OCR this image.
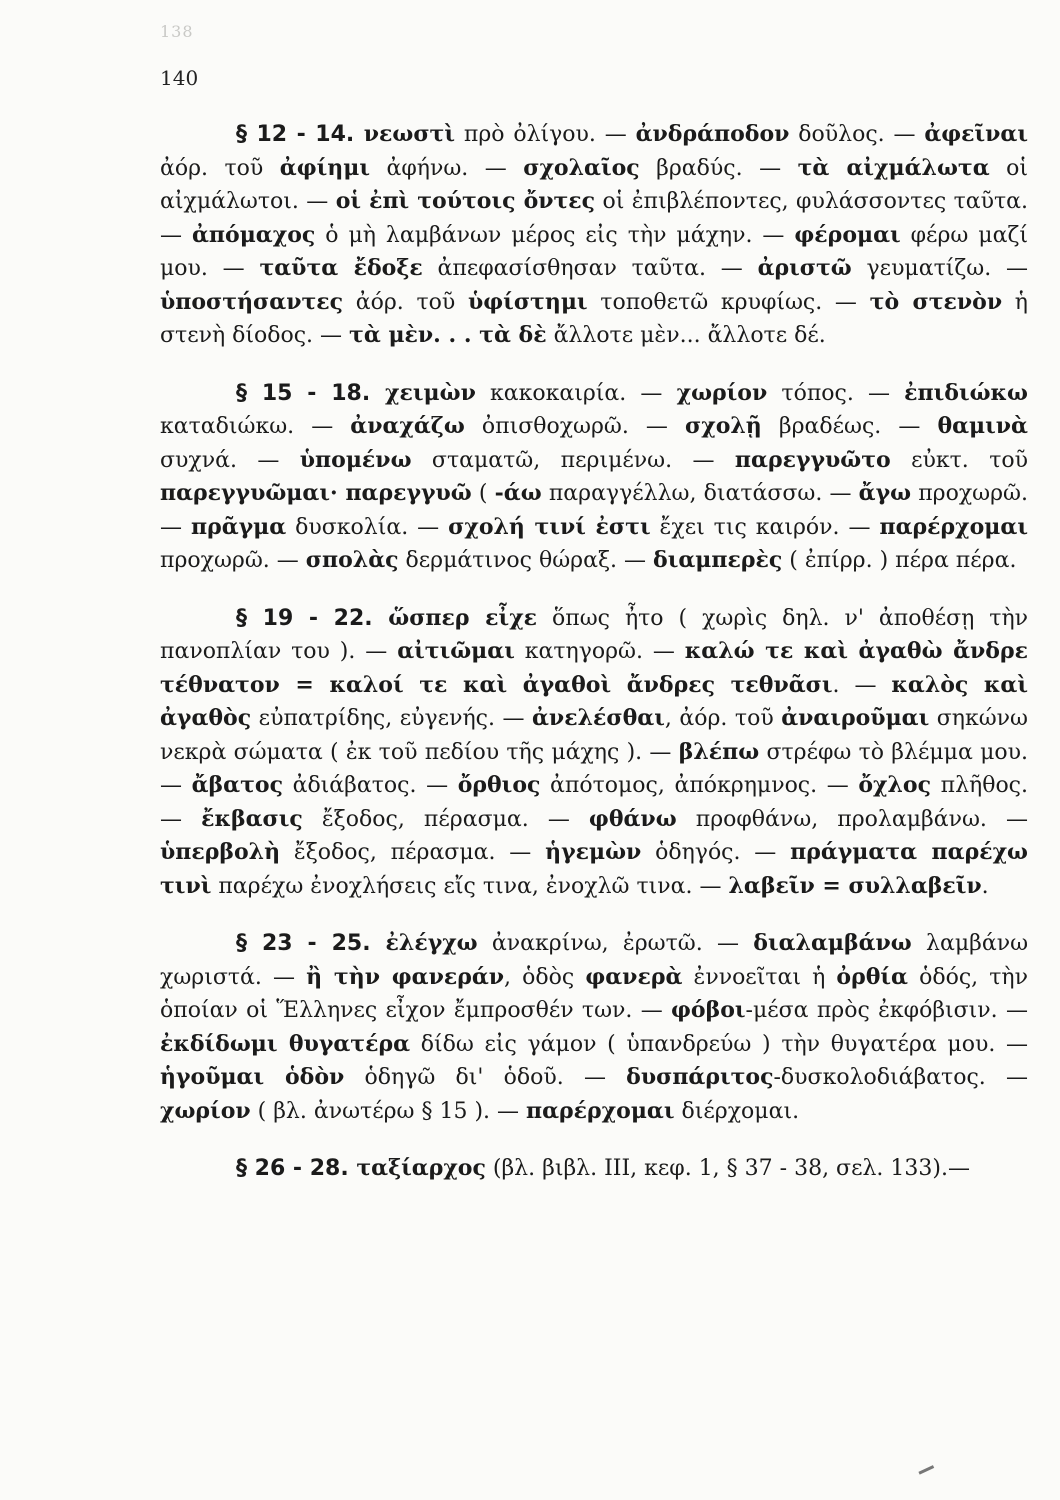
138
140

§ 12 - 14. νεωστὶ πρὸ ὀλίγου. — ἀνδράποδον δοῦλος. — ἀφεῖναι ἀόρ. τοῦ ἀφίημι ἀφήνω. — σχολαῖος βραδύς. — τὰ αἰχμάλωτα οἱ αἰχμάλωτοι. — οἱ ἐπὶ τούτοις ὄντες οἱ ἐπιβλέποντες, φυλάσσοντες ταῦτα. — ἀπόμαχος ὁ μὴ λαμβάνων μέρος εἰς τὴν μάχην. — φέρομαι φέρω μαζί μου. — ταῦτα ἔδοξε ἀπεφασίσθησαν ταῦτα. — ἀριστῶ γευματίζω. — ὑποστήσαντες ἀόρ. τοῦ ὑφίστημι τοποθετῶ κρυφίως. — τὸ στενὸν ἡ στενὴ δίοδος. — τὰ μὲν. . . τὰ δὲ ἄλλοτε μὲν... ἄλλοτε δέ.

§ 15 - 18. χειμὼν κακοκαιρία. — χωρίον τόπος. — ἐπιδιώκω καταδιώκω. — ἀναχάζω ὀπισθοχωρῶ. — σχολῇ βραδέως. — θαμινὰ συχνά. — ὑπομένω σταματῶ, περιμένω. — παρεγγυῶτο εὐκτ. τοῦ παρεγγυῶμαι· παρεγγυῶ ( -άω παραγγέλλω, διατάσσω. — ἄγω προχωρῶ. — πρᾶγμα δυσκολία. — σχολή τινί ἐστι ἔχει τις καιρόν. — παρέρχομαι προχωρῶ. — σπολὰς δερμάτινος θώραξ. — διαμπερὲς ( ἐπίρρ. ) πέρα πέρα.

§ 19 - 22. ὥσπερ εἶχε ὅπως ἦτο ( χωρὶς δηλ. ν' ἀποθέσῃ τὴν πανοπλίαν του ). — αἰτιῶμαι κατηγορῶ. — καλώ τε καὶ ἀγαθὼ ἄνδρε τέθνατον = καλοί τε καὶ ἀγαθοὶ ἄνδρες τεθνᾶσι. — καλὸς καὶ ἀγαθὸς εὐπατρίδης, εὐγενής. — ἀνελέσθαι, ἀόρ. τοῦ ἀναιροῦμαι σηκώνω νεκρὰ σώματα ( ἐκ τοῦ πεδίου τῆς μάχης ). — βλέπω στρέφω τὸ βλέμμα μου. — ἄβατος ἀδιάβατος. — ὄρθιος ἀπότομος, ἀπόκρημνος. — ὄχλος πλῆθος. — ἔκβασις ἔξοδος, πέρασμα. — φθάνω προφθάνω, προλαμβάνω. — ὑπερβολὴ ἔξοδος, πέρασμα. — ἡγεμὼν ὁδηγός. — πράγματα παρέχω τινὶ παρέχω ἐνοχλήσεις εἴς τινα, ἐνοχλῶ τινα. — λαβεῖν = συλλαβεῖν.

§ 23 - 25. ἐλέγχω ἀνακρίνω, ἐρωτῶ. — διαλαμβάνω λαμβάνω χωριστά. — ἢ τὴν φανεράν, ὁδὸς φανερὰ ἐννοεῖται ἡ ὀρθία ὁδός, τὴν ὁποίαν οἱ Ἕλληνες εἶχον ἔμπροσθέν των. — φόβοι-μέσα πρὸς ἐκφόβισιν. — ἐκδίδωμι θυγατέρα δίδω εἰς γάμον ( ὑπανδρεύω ) τὴν θυγατέρα μου. — ἡγοῦμαι ὁδὸν ὁδηγῶ δι' ὁδοῦ. — δυσπάριτος-δυσκολοδιάβατος. — χωρίον ( βλ. ἀνωτέρω § 15 ). — παρέρχομαι διέρχομαι.

§ 26 - 28. ταξίαρχος (βλ. βιβλ. III, κεφ. 1, § 37 - 38, σελ. 133).—
